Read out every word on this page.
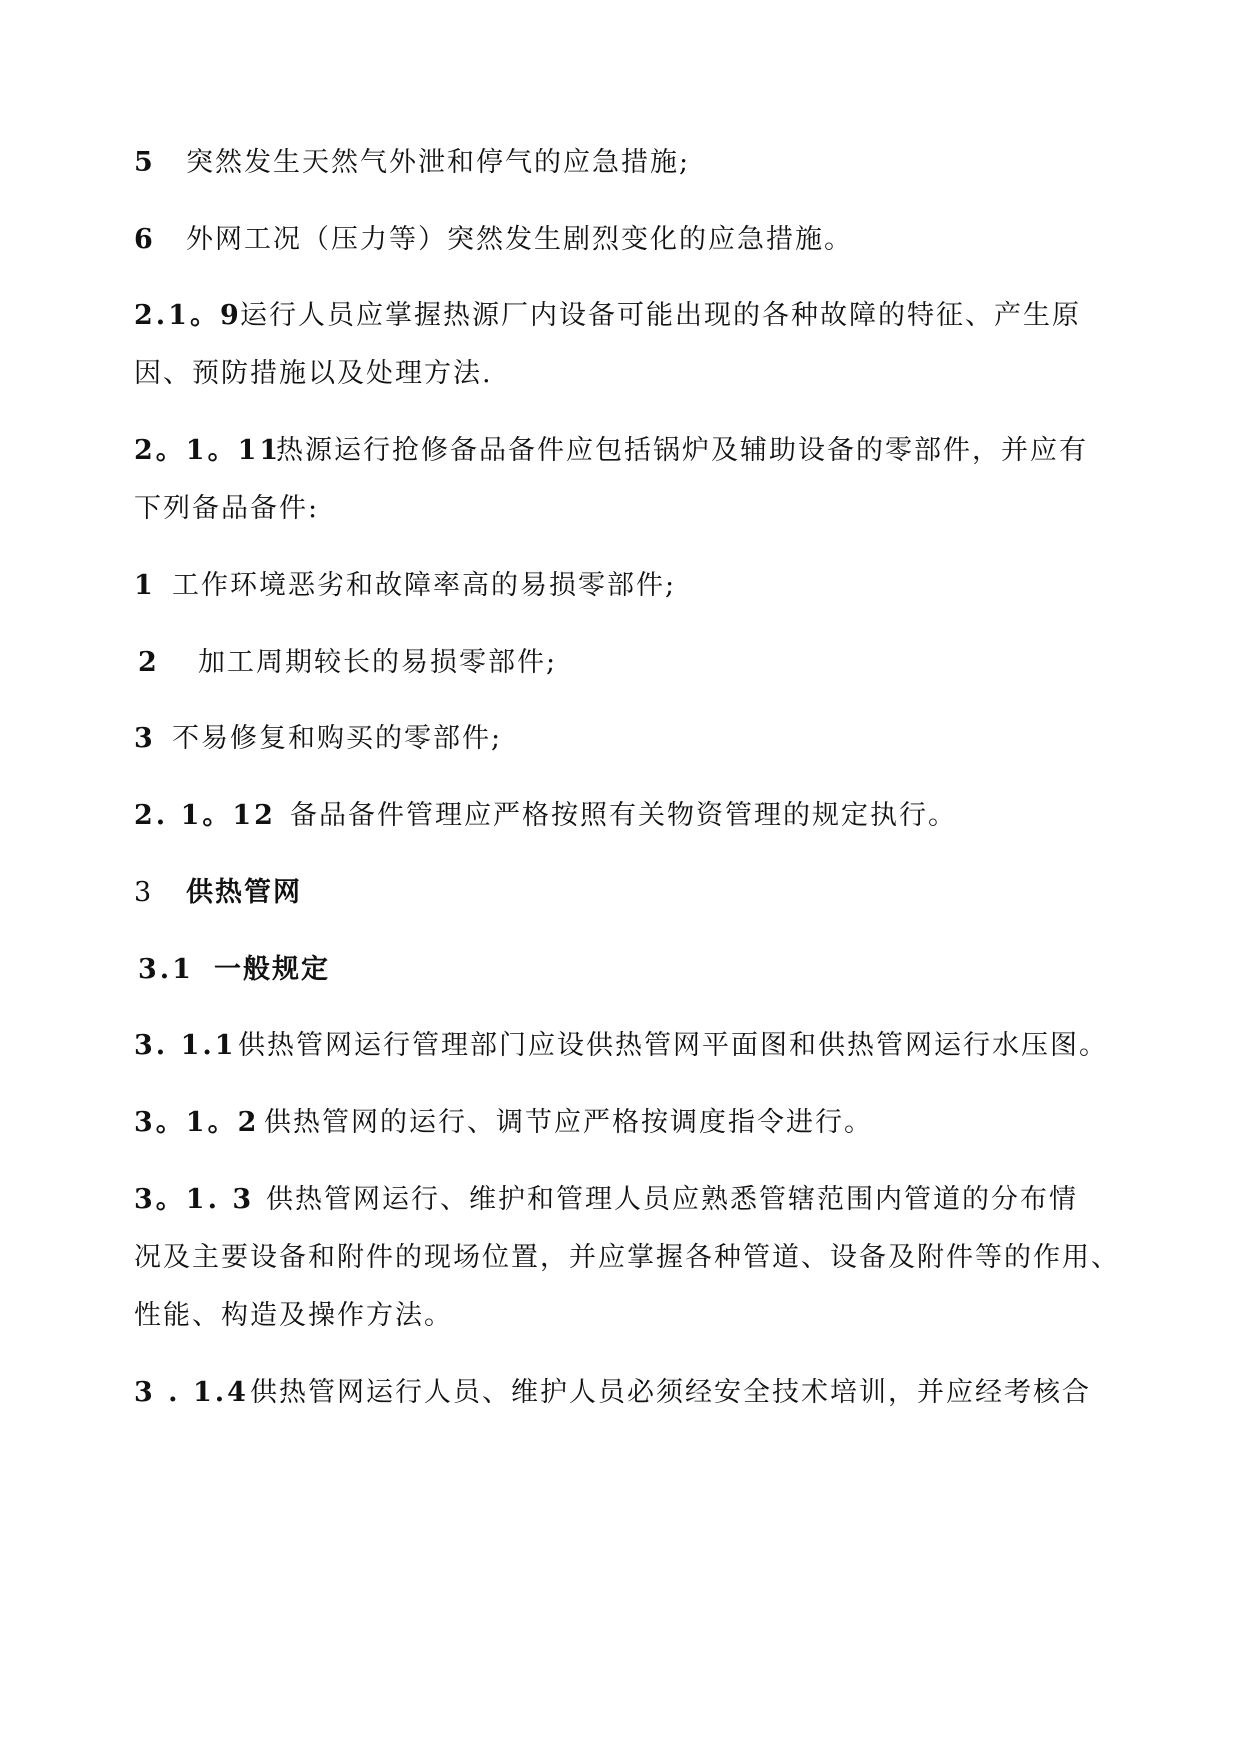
5 突然发生天然气外泄和停气的应急措施;
6 外网工况（压力等）突然发生剧烈变化的应急措施。
2.1。9运行人员应掌握热源厂内设备可能出现的各种故障的特征、产生原
因、预防措施以及处理方法.
2。1。11热源运行抢修备品备件应包括锅炉及辅助设备的零部件，并应有
下列备品备件:
1 工作环境恶劣和故障率高的易损零部件;
2 加工周期较长的易损零部件;
3 不易修复和购买的零部件;
2. 1。12 备品备件管理应严格按照有关物资管理的规定执行。
3 供热管网
3.1 一般规定
3. 1.1供热管网运行管理部门应设供热管网平面图和供热管网运行水压图。
3。1。2 供热管网的运行、调节应严格按调度指令进行。
3。1. 3 供热管网运行、维护和管理人员应熟悉管辖范围内管道的分布情
况及主要设备和附件的现场位置，并应掌握各种管道、设备及附件等的作用、
性能、构造及操作方法。
3 . 1.4供热管网运行人员、维护人员必须经安全技术培训，并应经考核合
